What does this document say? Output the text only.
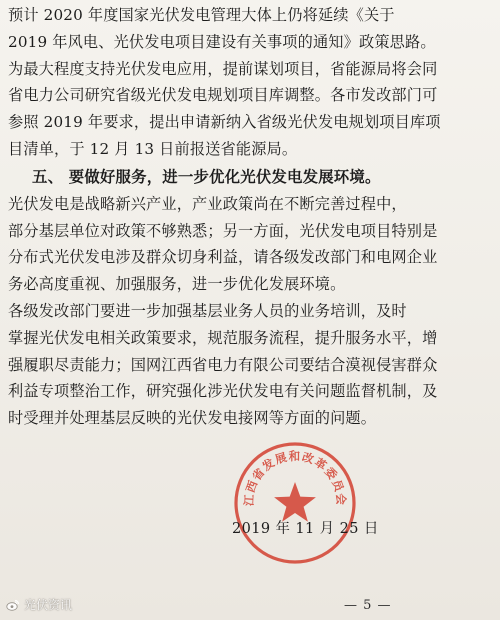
预计 2020 年度国家光伏发电管理大体上仍将延续《关于
2019 年风电、光伏发电项目建设有关事项的通知》政策思路。
为最大程度支持光伏发电应用，提前谋划项目，省能源局将会同
省电力公司研究省级光伏发电规划项目库调整。各市发改部门可
参照 2019 年要求，提出申请新纳入省级光伏发电规划项目库项
目清单，于 12 月 13 日前报送省能源局。

五、 要做好服务，进一步优化光伏发电发展环境。

光伏发电是战略新兴产业，产业政策尚在不断完善过程中，
部分基层单位对政策不够熟悉；另一方面，光伏发电项目特别是
分布式光伏发电涉及群众切身利益，请各级发改部门和电网企业
务必高度重视、加强服务，进一步优化发展环境。

各级发改部门要进一步加强基层业务人员的业务培训，及时
掌握光伏发电相关政策要求，规范服务流程，提升服务水平，增
强履职尽责能力；国网江西省电力有限公司要结合漠视侵害群众
利益专项整治工作，研究强化涉光伏发电有关问题监督机制，及
时受理并处理基层反映的光伏发电接网等方面的问题。

江西省发展和改革委员会
2019 年 11 月 25 日
光伏资讯	— 5 —
